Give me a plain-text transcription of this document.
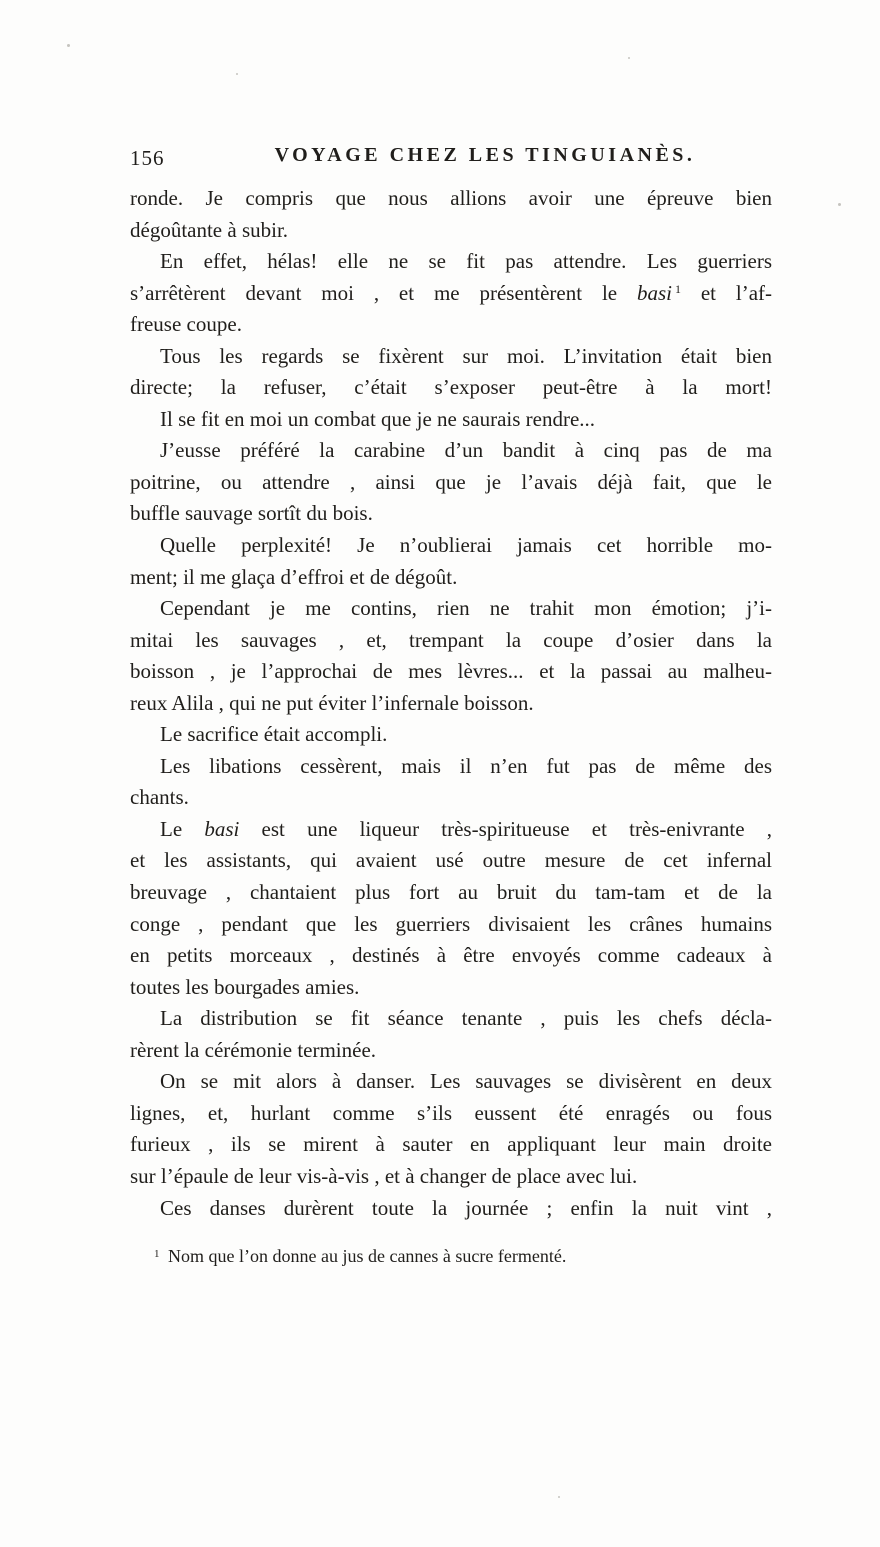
156	VOYAGE CHEZ LES TINGUIANÈS.
ronde. Je compris que nous allions avoir une épreuve bien
dégoûtante à subir.
En effet, hélas! elle ne se fit pas attendre. Les guerriers
s’arrêtèrent devant moi , et me présentèrent le basi $^1$ et l’af-
freuse coupe.
Tous les regards se fixèrent sur moi. L’invitation était bien
directe; la refuser, c’était s’exposer peut-être à la mort!
Il se fit en moi un combat que je ne saurais rendre...
J’eusse préféré la carabine d’un bandit à cinq pas de ma
poitrine, ou attendre , ainsi que je l’avais déjà fait, que le
buffle sauvage sortît du bois.
Quelle perplexité! Je n’oublierai jamais cet horrible mo-
ment; il me glaça d’effroi et de dégoût.
Cependant je me contins, rien ne trahit mon émotion; j’i-
mitai les sauvages , et, trempant la coupe d’osier dans la
boisson , je l’approchai de mes lèvres... et la passai au malheu-
reux Alila , qui ne put éviter l’infernale boisson.
Le sacrifice était accompli.
Les libations cessèrent, mais il n’en fut pas de même des
chants.
Le basi est une liqueur très-spiritueuse et très-enivrante ,
et les assistants, qui avaient usé outre mesure de cet infernal
breuvage , chantaient plus fort au bruit du tam-tam et de la
conge , pendant que les guerriers divisaient les crânes humains
en petits morceaux , destinés à être envoyés comme cadeaux à
toutes les bourgades amies.
La distribution se fit séance tenante , puis les chefs décla-
rèrent la cérémonie terminée.
On se mit alors à danser. Les sauvages se divisèrent en deux
lignes, et, hurlant comme s’ils eussent été enragés ou fous
furieux , ils se mirent à sauter en appliquant leur main droite
sur l’épaule de leur vis-à-vis , et à changer de place avec lui.
Ces danses durèrent toute la journée ; enfin la nuit vint ,
$^1$ Nom que l’on donne au jus de cannes à sucre fermenté.
